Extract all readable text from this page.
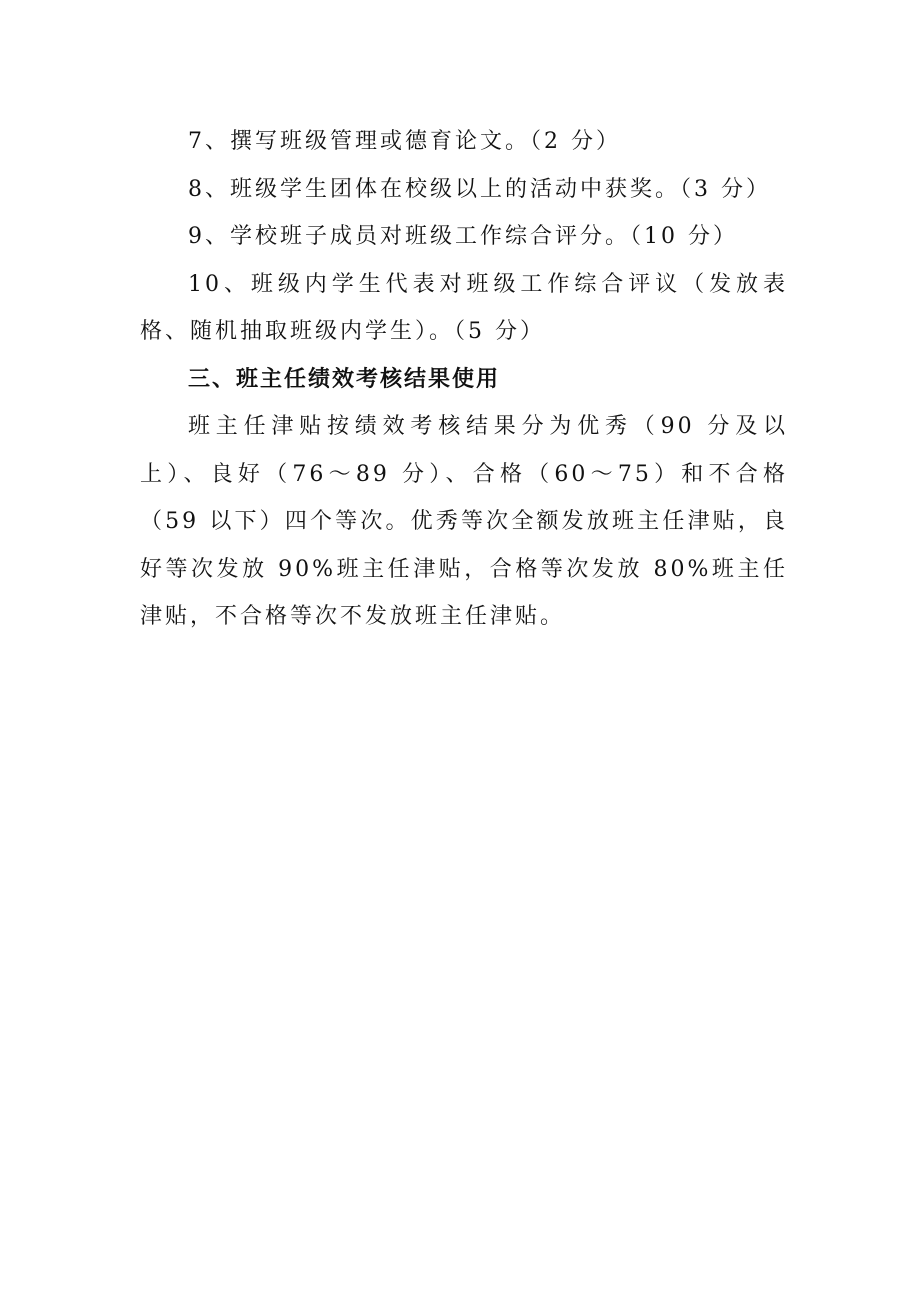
7、撰写班级管理或德育论文。（2 分）

8、班级学生团体在校级以上的活动中获奖。（3 分）

9、学校班子成员对班级工作综合评分。（10 分）

10、班级内学生代表对班级工作综合评议（发放表格、随机抽取班级内学生）。（5 分）

三、班主任绩效考核结果使用

班主任津贴按绩效考核结果分为优秀（90 分及以上）、良好（76～89 分）、合格（60～75）和不合格（59 以下）四个等次。优秀等次全额发放班主任津贴，良好等次发放 90%班主任津贴，合格等次发放 80%班主任津贴，不合格等次不发放班主任津贴。
